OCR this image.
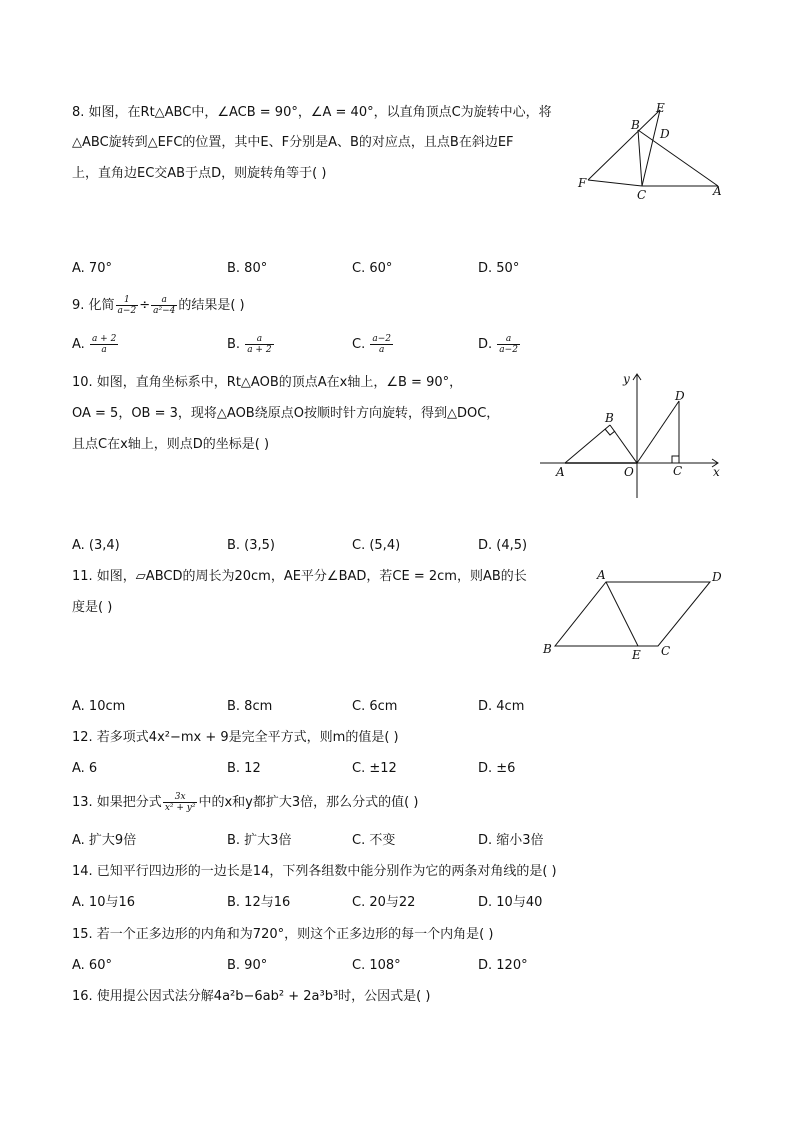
8. 如图，在Rt△ABC中，∠ACB = 90°，∠A = 40°，以直角顶点C为旋转中心，将
△ABC旋转到△EFC的位置，其中E、F分别是A、B的对应点，且点B在斜边EF
上，直角边EC交AB于点D，则旋转角等于( )
E
B
D
F
C	A
A. 70°	B. 80°	C. 60°	D. 50°
9. 化简 $\frac{1}{a-2} \div \frac{a}{\text{a²−4}}$ 的结果是( )
A. $\frac{a + 2}{a}$	B. $\frac{a}{a + 2}$	C. $\frac{a-2}{a}$	D. $\frac{a}{a-2}$
10. 如图，直角坐标系中，Rt△AOB的顶点A在x轴上，∠B = 90°，
OA = 5，OB = 3，现将△AOB绕原点O按顺时针方向旋转，得到△DOC，
且点C在x轴上，则点D的坐标是( )
y
x
B
A	O
D
C
A. (3,4)	B. (3,5)	C. (5,4)	D. (4,5)
11. 如图，▱ABCD的周长为20cm，AE平分∠BAD，若CE = 2cm，则AB的长
度是( )
A	D
B	E C
A. 10cm	B. 8cm	C. 6cm	D. 4cm
12. 若多项式4x²−mx + 9是完全平方式，则m的值是( )
A. 6	B. 12	C. ±12	D. ±6
13. 如果把分式 $\frac{3x}{\text{x² + y²}}$ 中的x和y都扩大3倍，那么分式的值( )
A. 扩大9倍	B. 扩大3倍	C. 不变	D. 缩小3倍
14. 已知平行四边形的一边长是14，下列各组数中能分别作为它的两条对角线的是( )
A. 10与16	B. 12与16	C. 20与22	D. 10与40
15. 若一个正多边形的内角和为720°，则这个正多边形的每一个内角是( )
A. 60°	B. 90°	C. 108°	D. 120°
16. 使用提公因式法分解4a²b−6ab² + 2a³b³时，公因式是( )
